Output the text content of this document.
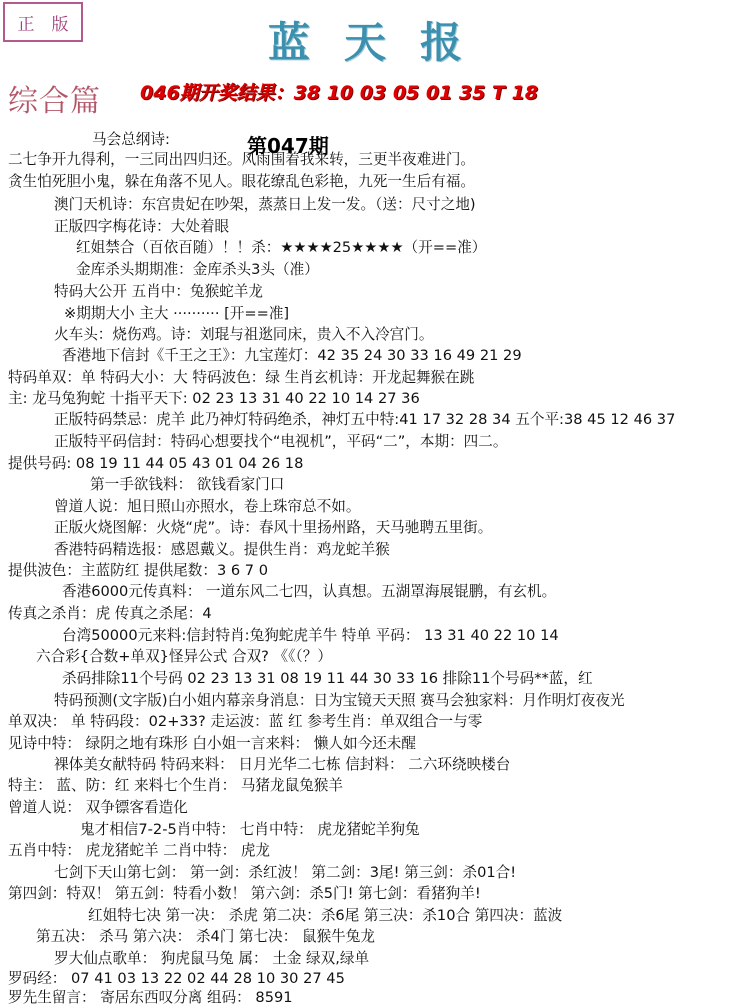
正 版	蓝天报
综合篇 046期开奖结果：38 10 03 05 01 35 T 18
第047期
马会总纲诗:
二七争开九得利，一三同出四归还。风雨围着我来转，三更半夜难进门。
贪生怕死胆小鬼，躲在角落不见人。眼花缭乱色彩艳，九死一生后有福。
澳门天机诗：东宫贵妃在吵架，蒸蒸日上发一发。（送：尺寸之地)
正版四字梅花诗：大处着眼
红姐禁合（百依百随）！！杀：★★★★25★★★★（开==准）
金库杀头期期准：金库杀头3头（准）
特码大公开 五肖中：兔猴蛇羊龙
※期期大小 主大 ·········· [开==准]
火车头：烧伤鸡。诗：刘琨与祖逖同床，贵入不入冷宫门。
香港地下信封《千王之王》：九宝莲灯：42 35 24 30 33 16 49 21 29
特码单双：单 特码大小：大 特码波色：绿 生肖玄机诗：开龙起舞猴在跳
主: 龙马兔狗蛇 十指平天下: 02 23 13 31 40 22 10 14 27 36
正版特码禁忌：虎羊 此乃神灯特码绝杀，神灯五中特:41 17 32 28 34 五个平:38 45 12 46 37
正版特平码信封：特码心想要找个“电视机”，平码“二”，本期：四二。
提供号码: 08 19 11 44 05 43 01 04 26 18
第一手欲钱料： 欲钱看家门口
曾道人说：旭日照山亦照水，卷上珠帘总不如。
正版火烧图解：火烧“虎”。诗：春风十里扬州路，天马驰聘五里街。
香港特码精选报：感恩戴义。提供生肖：鸡龙蛇羊猴
提供波色：主蓝防红 提供尾数：3 6 7 0
香港6000元传真料： 一道东风二七四，认真想。五湖罩海展锟鹏，有玄机。
传真之杀肖：虎 传真之杀尾：4
台湾50000元来料:信封特肖:兔狗蛇虎羊牛 特单 平码： 13 31 40 22 10 14
六合彩{合数+单双}怪异公式 合双? 《《（？）
杀码排除11个号码 02 23 13 31 08 19 11 44 30 33 16 排除11个号码**蓝，红
特码预测(文字版)白小姐内幕亲身消息：日为宝镜天天照 赛马会独家料：月作明灯夜夜光
单双决： 单 特码段：02+33? 走运波：蓝 红 参考生肖：单双组合一与零
见诗中特： 绿阴之地有珠形 白小姐一言来料： 懒人如今还未醒
裸体美女献特码 特码来料： 日月光华二七栋 信封料： 二六环绕映楼台
特主： 蓝、防：红 来料七个生肖： 马猪龙鼠兔猴羊
曾道人说： 双争镖客看造化
鬼才相信7-2-5肖中特： 七肖中特： 虎龙猪蛇羊狗兔
五肖中特： 虎龙猪蛇羊 二肖中特： 虎龙
七剑下天山第七剑： 第一剑：杀红波！ 第二剑：3尾! 第三剑：杀01合!
第四剑：特双！ 第五剑：特看小数！ 第六剑：杀5门! 第七剑：看猪狗羊!
红姐特七决 第一决： 杀虎 第二决：杀6尾 第三决：杀10合 第四决：蓝波
第五决： 杀马 第六决： 杀4门 第七决： 鼠猴牛兔龙
罗大仙点歌单： 狗虎鼠马兔 属： 土金 绿双,绿单
罗码经： 07 41 03 13 22 02 44 28 10 30 27 45
罗先生留言： 寄居东西叹分离 组码： 8591
